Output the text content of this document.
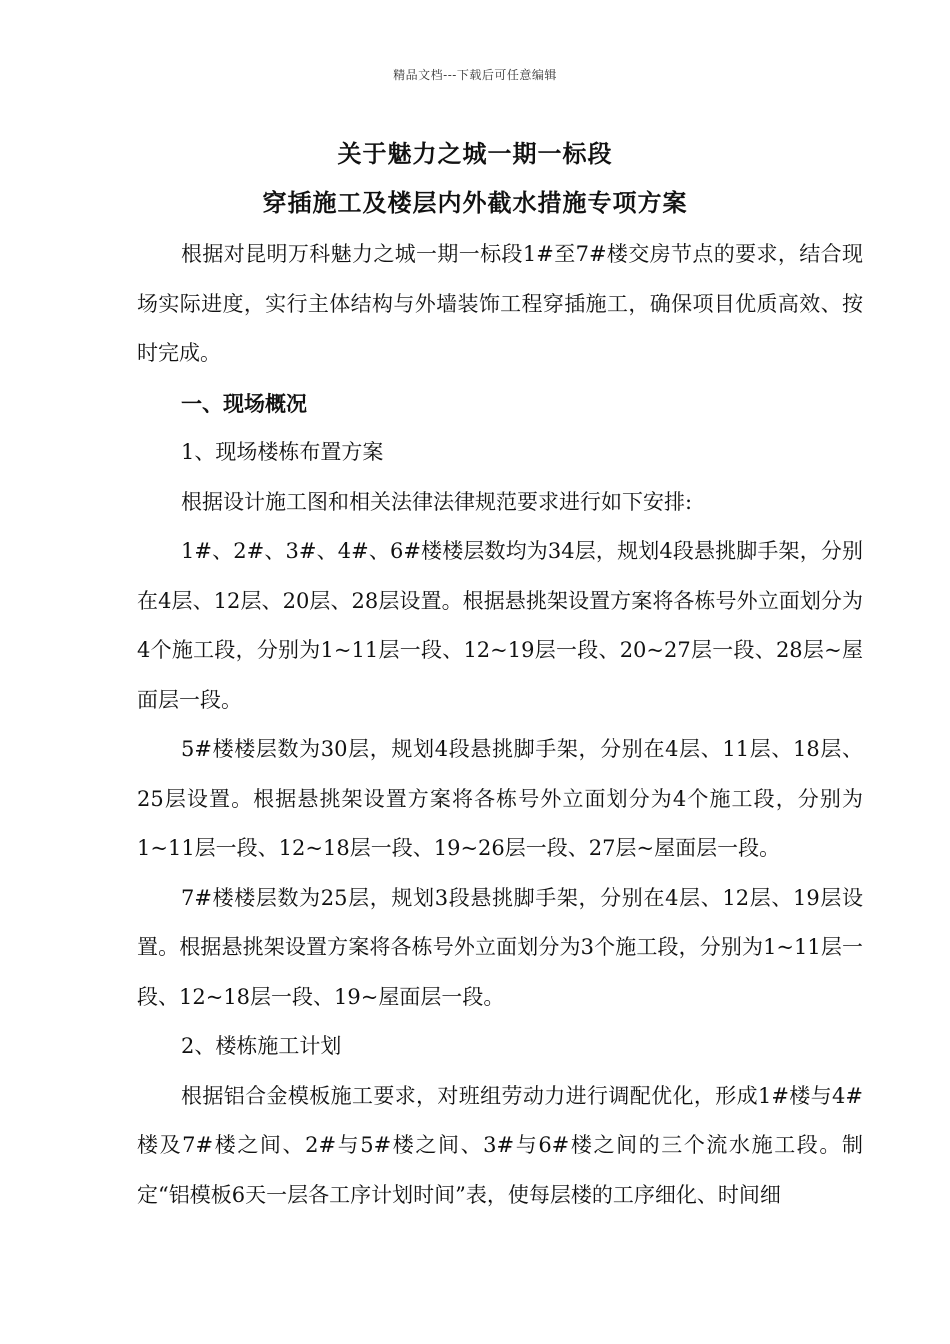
精品文档---下载后可任意编辑
关于魅力之城一期一标段
穿插施工及楼层内外截水措施专项方案

根据对昆明万科魅力之城一期一标段1#至7#楼交房节点的要求，结合现场实际进度，实行主体结构与外墙装饰工程穿插施工，确保项目优质高效、按时完成。

一、现场概况

1、现场楼栋布置方案

根据设计施工图和相关法律法律规范要求进行如下安排:

1#、2#、3#、4#、6#楼楼层数均为34层，规划4段悬挑脚手架，分别在4层、12层、20层、28层设置。根据悬挑架设置方案将各栋号外立面划分为4个施工段，分别为1~11层一段、12~19层一段、20~27层一段、28层~屋面层一段。

5#楼楼层数为30层，规划4段悬挑脚手架，分别在4层、11层、18层、25层设置。根据悬挑架设置方案将各栋号外立面划分为4个施工段，分别为1~11层一段、12~18层一段、19~26层一段、27层~屋面层一段。

7#楼楼层数为25层，规划3段悬挑脚手架，分别在4层、12层、19层设置。根据悬挑架设置方案将各栋号外立面划分为3个施工段，分别为1~11层一段、12~18层一段、19~屋面层一段。

2、楼栋施工计划

根据铝合金模板施工要求，对班组劳动力进行调配优化，形成1#楼与4#楼及7#楼之间、2#与5#楼之间、3#与6#楼之间的三个流水施工段。制定“铝模板6天一层各工序计划时间”表，使每层楼的工序细化、时间细
